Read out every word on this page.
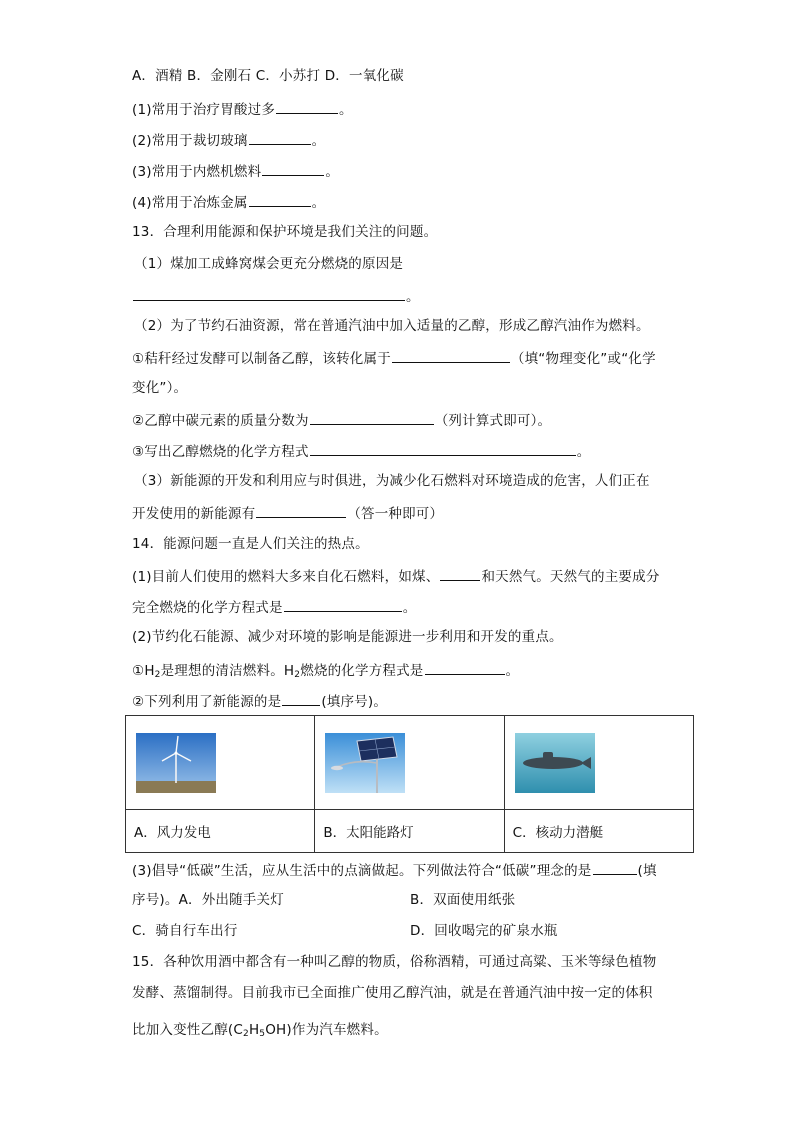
A．酒精 B．金刚石 C．小苏打 D．一氧化碳
(1)常用于治疗胃酸过多	。
(2)常用于裁切玻璃	。
(3)常用于内燃机燃料	。
(4)常用于冶炼金属	。
13．合理利用能源和保护环境是我们关注的问题。
（1）煤加工成蜂窝煤会更充分燃烧的原因是
。
（2）为了节约石油资源，常在普通汽油中加入适量的乙醇，形成乙醇汽油作为燃料。
①秸秆经过发酵可以制备乙醇，该转化属于	（填“物理变化”或“化学
变化”）。
②乙醇中碳元素的质量分数为	（列计算式即可）。
③写出乙醇燃烧的化学方程式	。
（3）新能源的开发和利用应与时俱进，为减少化石燃料对环境造成的危害，人们正在
开发使用的新能源有	（答一种即可）
14．能源问题一直是人们关注的热点。
(1)目前人们使用的燃料大多来自化石燃料，如煤、	和天然气。天然气的主要成分
完全燃烧的化学方程式是	。
(2)节约化石能源、减少对环境的影响是能源进一步利用和开发的重点。
$①H_2$是理想的清洁燃料。$H_2$燃烧的化学方程式是	。
②下列利用了新能源的是	(填序号)。

A．风力发电	B．太阳能路灯	C．核动力潜艇
(3)倡导“低碳”生活，应从生活中的点滴做起。下列做法符合“低碳”理念的是	(填
序号)。A．外出随手关灯	B．双面使用纸张
C．骑自行车出行	D．回收喝完的矿泉水瓶
15．各种饮用酒中都含有一种叫乙醇的物质，俗称酒精，可通过高粱、玉米等绿色植物
发酵、蒸馏制得。目前我市已全面推广使用乙醇汽油，就是在普通汽油中按一定的体积
比加入变性乙醇$(C_2H_5OH)$作为汽车燃料。
